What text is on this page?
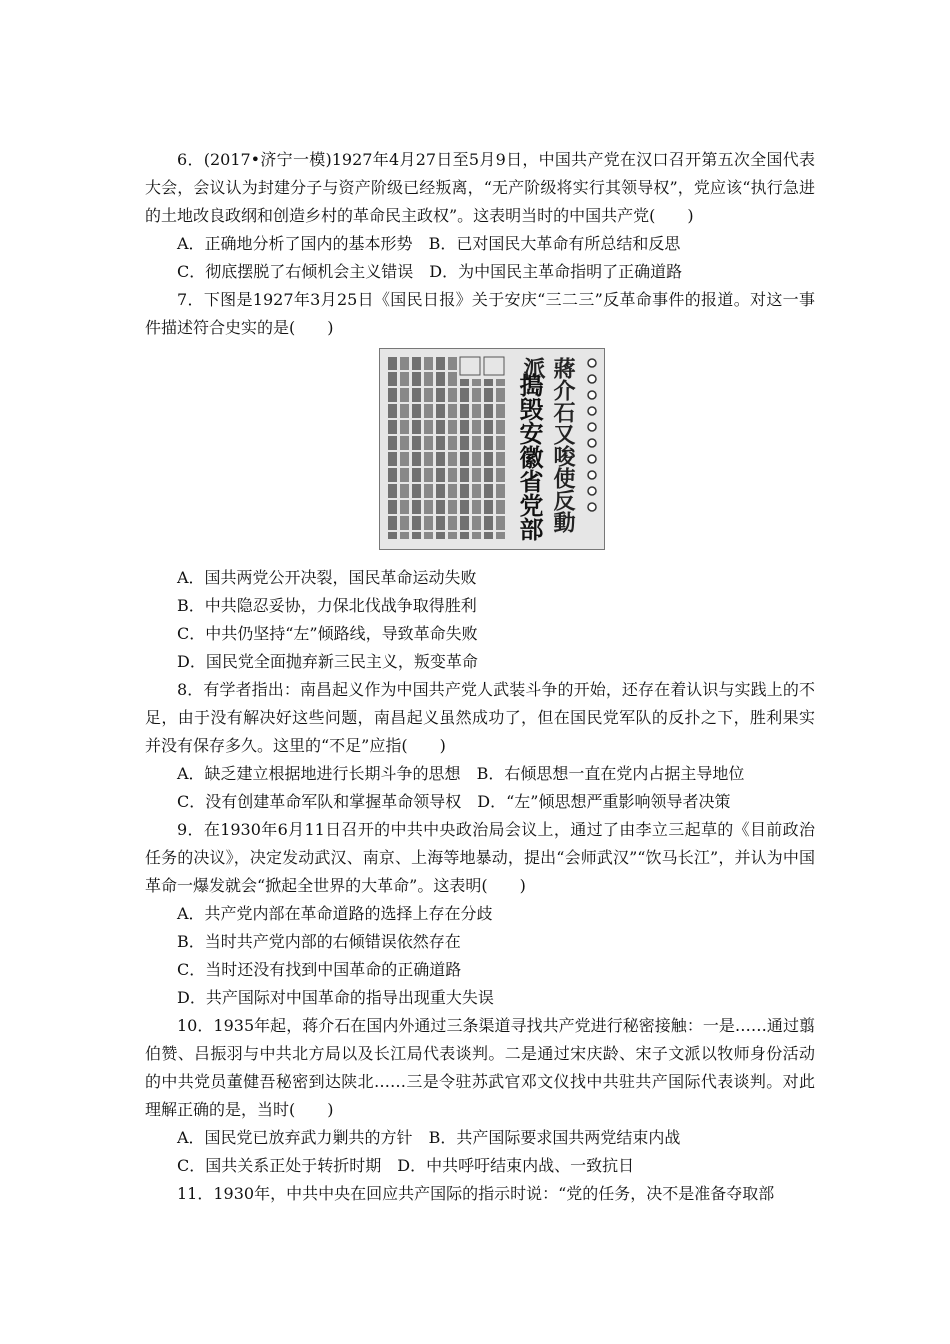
6．(2017•济宁一模)1927年4月27日至5月9日，中国共产党在汉口召开第五次全国代表大会，会议认为封建分子与资产阶级已经叛离，“无产阶级将实行其领导权”，党应该“执行急进的土地改良政纲和创造乡村的革命民主政权”。这表明当时的中国共产党(　　)

A．正确地分析了国内的基本形势 B．已对国民大革命有所总结和反思
C．彻底摆脱了右倾机会主义错误 D．为中国民主革命指明了正确道路

7．下图是1927年3月25日《国民日报》关于安庆“三二三”反革命事件的报道。对这一事件描述符合史实的是(　　)

蔣介石又唆使反動派
搗毁安徽省党部

A．国共两党公开决裂，国民革命运动失败

B．中共隐忍妥协，力保北伐战争取得胜利

C．中共仍坚持“左”倾路线，导致革命失败

D．国民党全面抛弃新三民主义，叛变革命

8．有学者指出：南昌起义作为中国共产党人武装斗争的开始，还存在着认识与实践上的不足，由于没有解决好这些问题，南昌起义虽然成功了，但在国民党军队的反扑之下，胜利果实并没有保存多久。这里的“不足”应指(　　)

A．缺乏建立根据地进行长期斗争的思想 B．右倾思想一直在党内占据主导地位
C．没有创建革命军队和掌握革命领导权 D．“左”倾思想严重影响领导者决策

9．在1930年6月11日召开的中共中央政治局会议上，通过了由李立三起草的《目前政治任务的决议》，决定发动武汉、南京、上海等地暴动，提出“会师武汉”“饮马长江”，并认为中国革命一爆发就会“掀起全世界的大革命”。这表明(　　)

A．共产党内部在革命道路的选择上存在分歧

B．当时共产党内部的右倾错误依然存在

C．当时还没有找到中国革命的正确道路

D．共产国际对中国革命的指导出现重大失误

10．1935年起，蒋介石在国内外通过三条渠道寻找共产党进行秘密接触：一是……通过翦伯赞、吕振羽与中共北方局以及长江局代表谈判。二是通过宋庆龄、宋子文派以牧师身份活动的中共党员董健吾秘密到达陕北……三是令驻苏武官邓文仪找中共驻共产国际代表谈判。对此理解正确的是，当时(　　)

A．国民党已放弃武力剿共的方针 B．共产国际要求国共两党结束内战
C．国共关系正处于转折时期 D．中共呼吁结束内战、一致抗日

11．1930年，中共中央在回应共产国际的指示时说：“党的任务，决不是准备夺取部
